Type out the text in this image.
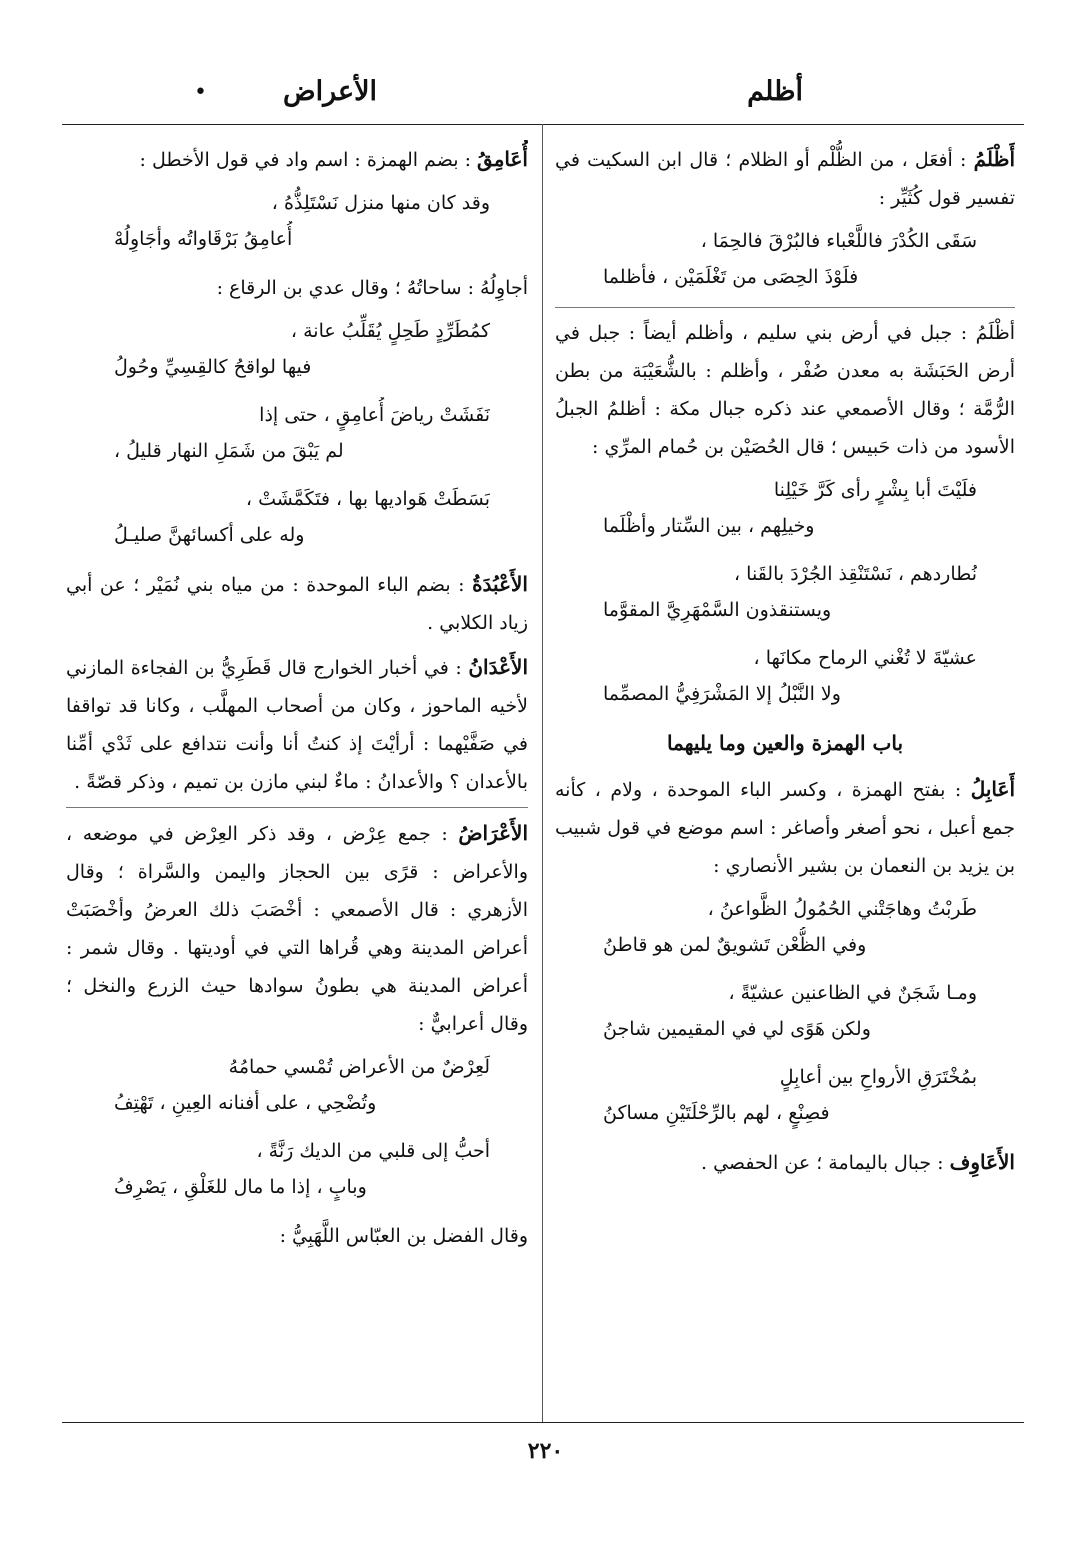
أظلم
•	الأعراض

أَظْلَمُ : أفعَل ، من الظُّلْم أو الظلام ؛ قال ابن السكيت في تفسير قول كُثَيِّر :

سَقَى الكُدْرَ فاللَّعْباء فالبُرْقَ فالحِمَا ،
فلَوْذَ الحِصَى من تَغْلَمَيْن ، فأظلما

أظْلَمُ : جبل في أرض بني سليم ، وأظلم أيضاً : جبل في أرض الحَبَشَة به معدن صُفْر ، وأظلم : بالشُّعَيْبَة من بطن الرُّمَّة ؛ وقال الأصمعي عند ذكره جبال مكة : أظلمُ الجبلُ الأسود من ذات حَبيس ؛ قال الحُصَيْن بن حُمام المرِّي :

فلَيْتَ أبا بِشْرٍ رأى كَرَّ خَيْلِنا
وخيلِهم ، بين السِّتار وأظْلَما
نُطاردهم ، نَسْتَنْقِذ الجُرْدَ بالقَنا ،
ويستنقذون السَّمْهَرِيَّ المقوَّما
عشيّةَ لا تُغْني الرماح مكانَها ،
ولا النَّبْلُ إلا المَشْرَفِيُّ المصمِّما
باب الهمزة والعين وما يليهما

أَعَابِلُ : بفتح الهمزة ، وكسر الباء الموحدة ، ولام ، كأنه جمع أعبل ، نحو أصغر وأصاغر : اسم موضع في قول شبيب بن يزيد بن النعمان بن بشير الأنصاري :

طَربْتُ وهاجَتْني الحُمُولُ الظَّواعنُ ،
وفي الظُّعْن تَشويقٌ لمن هو قاطنُ
ومـا شَجَنٌ في الظاعنين عشيّةً ،
ولكن هَوًى لي في المقيمين شاجنُ
بمُخْتَرَقِ الأرواحِ بين أعابِلٍ
فصِنْعٍ ، لهم بالرِّحْلَتَيْنِ مساكنُ

الأَعَاوِف : جبال باليمامة ؛ عن الحفصي .

أُعَامِقُ : بضم الهمزة : اسم واد في قول الأخطل :

وقد كان منها منزل نَسْتَلِذُّهُ ،
أُعامِقُ بَرْقَاواتُه وأجَاوِلُهْ

أجاوِلُهُ : ساحاتُهُ ؛ وقال عدي بن الرقاع :

كمُطَرِّدٍ طَحِلٍ يُقَلِّبُ عانة ،
فيها لواقحُ كالقِسِيِّ وحُولُ
نَفَشَتْ رياضَ أُعامِقٍ ، حتى إذا
لم يَبْقَ من شَمَلِ النهار قليلُ ،
بَسَطَتْ هَواديها بها ، فتَكَمَّشَتْ ،
وله على أكسائهنَّ صليـلُ

الأَعْبُدَةُ : بضم الباء الموحدة : من مياه بني نُمَيْر ؛ عن أبي زياد الكلابي .

الأَعْدَانُ : في أخبار الخوارج قال قَطَرِيُّ بن الفجاءة المازني لأخيه الماحوز ، وكان من أصحاب المهلَّب ، وكانا قد تواقفا في صَفَّيْهما : أرأيْتَ إذ كنتُ أنا وأنت نتدافع على ثَدْي أمِّنا بالأعدان ؟ والأعدانُ : ماءٌ لبني مازن بن تميم ، وذكر قصّةً .

الأَعْرَاضُ : جمع عِرْض ، وقد ذكر العِرْض في موضعه ، والأعراض : قرًى بين الحجاز واليمن والسَّراة ؛ وقال الأزهري : قال الأصمعي : أخْصَبَ ذلك العرضُ وأخْصَبَتْ أعراض المدينة وهي قُراها التي في أوديتها . وقال شمر : أعراض المدينة هي بطونُ سوادها حيث الزرع والنخل ؛ وقال أعرابيٌّ :

لَعِرْضٌ من الأعراض تُمْسي حمامُهُ
وتُضْحِي ، على أفنانه العِينِ ، تَهْتِفُ
أحبُّ إلى قلبي من الديك رَنَّةً ،
وبابٍ ، إذا ما مال للغَلْقِ ، يَصْرِفُ

وقال الفضل بن العبّاس اللَّهَبِيُّ :

٢٢٠
